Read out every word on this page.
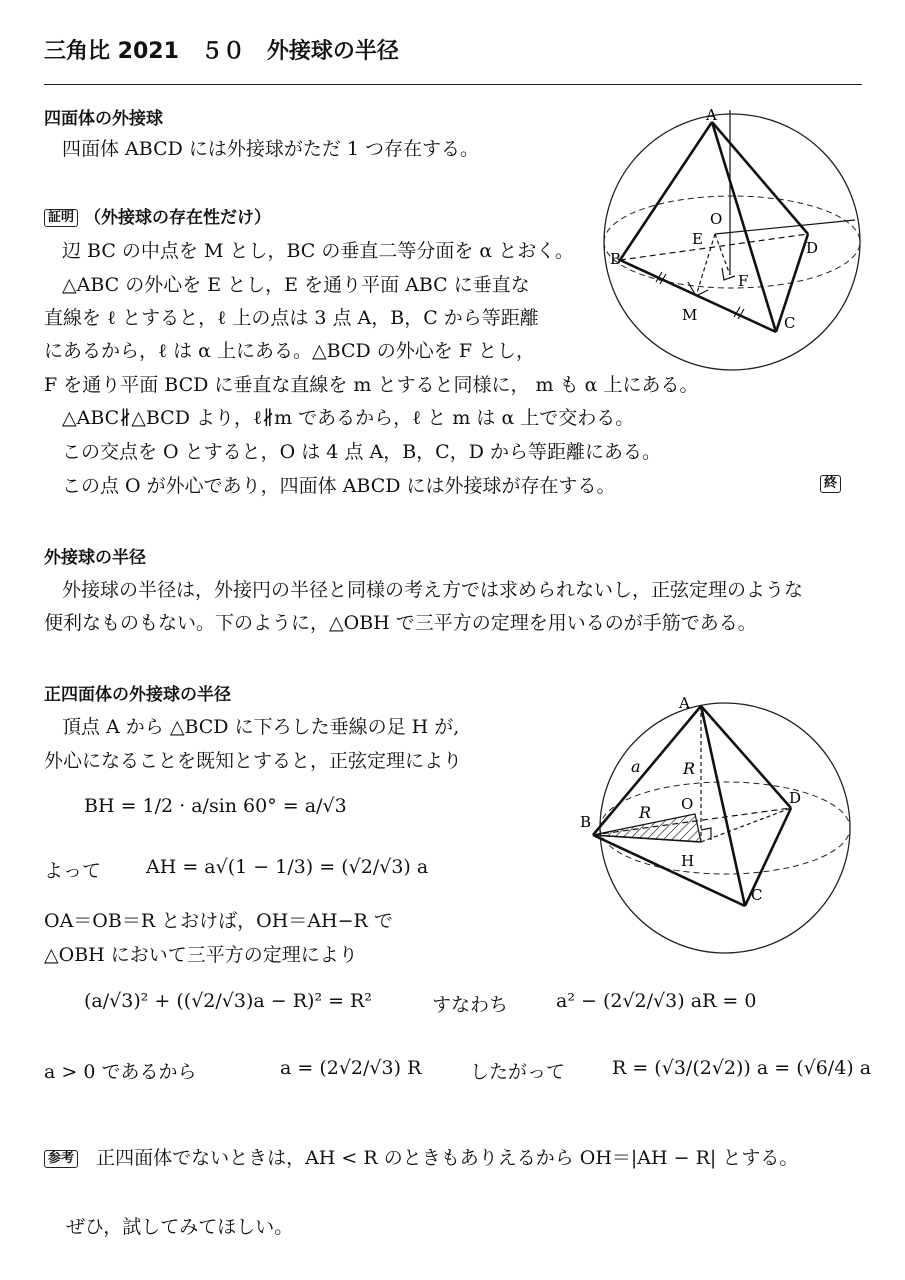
三角比 2021　５０　外接球の半径
四面体の外接球
四面体 ABCD には外接球がただ 1 つ存在する。
証明 （外接球の存在性だけ）
辺 BC の中点を M とし，BC の垂直二等分面を α とおく。
△ABC の外心を E とし，E を通り平面 ABC に垂直な
直線を ℓ とすると，ℓ 上の点は 3 点 A，B，C から等距離
にあるから，ℓ は α 上にある。△BCD の外心を F とし，
F を通り平面 BCD に垂直な直線を m とすると同様に， m も α 上にある。
△ABC∦△BCD より，ℓ∦m であるから，ℓ と m は α 上で交わる。
この交点を O とすると，O は 4 点 A，B，C，D から等距離にある。
この点 O が外心であり，四面体 ABCD には外接球が存在する。	終
A
B
C
D
E
F
M
O
外接球の半径
外接球の半径は，外接円の半径と同様の考え方では求められないし，正弦定理のような
便利なものもない。下のように，△OBH で三平方の定理を用いるのが手筋である。
正四面体の外接球の半径
頂点 A から △BCD に下ろした垂線の足 H が,
外心になることを既知とすると，正弦定理により
BH = 1/2 · a/sin 60° = a/√3
よって AH = a√(1 − 1/3) = (√2/√3) a
OA＝OB＝R とおけば，OH＝AH−R で
△OBH において三平方の定理により
(a/√3)² + ((√2/√3)a − R)² = R²	すなわち	a² − (2√2/√3) aR = 0
a > 0 であるから	a = (2√2/√3) R	したがって R = (√3/(2√2)) a = (√6/4) a
A
B
C
D
O
H
a	R
R
参考 正四面体でないときは，AH < R のときもありえるから OH＝|AH − R| とする。
ぜひ，試してみてほしい。
